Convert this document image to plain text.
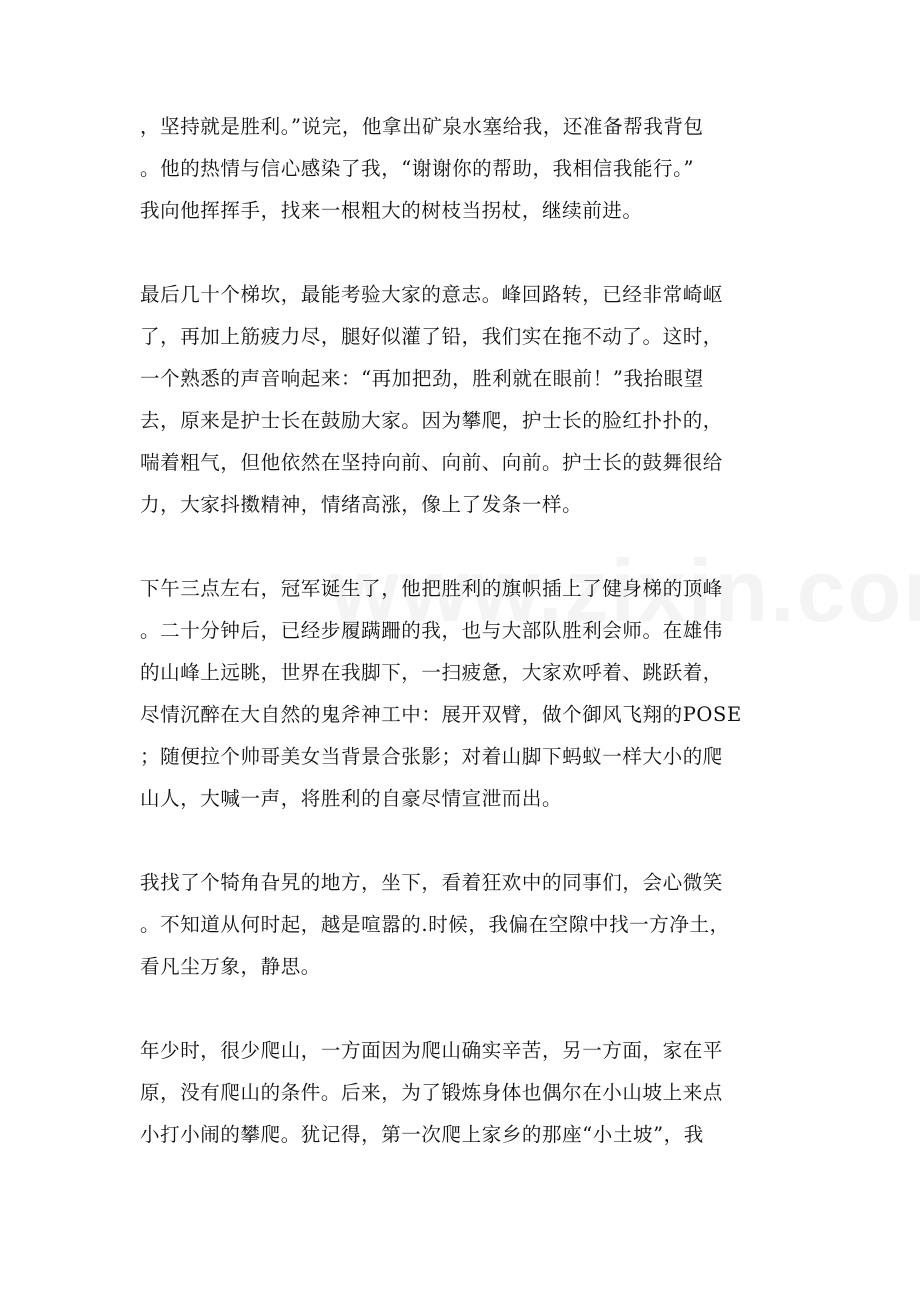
，坚持就是胜利。”说完，他拿出矿泉水塞给我，还准备帮我背包
。他的热情与信心感染了我，“谢谢你的帮助，我相信我能行。”
我向他挥挥手，找来一根粗大的树枝当拐杖，继续前进。
最后几十个梯坎，最能考验大家的意志。峰回路转，已经非常崎岖
了，再加上筋疲力尽，腿好似灌了铅，我们实在拖不动了。这时，
一个熟悉的声音响起来：“再加把劲，胜利就在眼前！”我抬眼望
去，原来是护士长在鼓励大家。因为攀爬，护士长的脸红扑扑的，
喘着粗气，但他依然在坚持向前、向前、向前。护士长的鼓舞很给
力，大家抖擞精神，情绪高涨，像上了发条一样。
下午三点左右，冠军诞生了，他把胜利的旗帜插上了健身梯的顶峰
。二十分钟后，已经步履蹒跚的我，也与大部队胜利会师。在雄伟
的山峰上远眺，世界在我脚下，一扫疲惫，大家欢呼着、跳跃着，
尽情沉醉在大自然的鬼斧神工中：展开双臂，做个御风飞翔的POSE
；随便拉个帅哥美女当背景合张影；对着山脚下蚂蚁一样大小的爬
山人，大喊一声，将胜利的自豪尽情宣泄而出。
我找了个犄角旮旯的地方，坐下，看着狂欢中的同事们，会心微笑
。不知道从何时起，越是喧嚣的.时候，我偏在空隙中找一方净土，
看凡尘万象，静思。
年少时，很少爬山，一方面因为爬山确实辛苦，另一方面，家在平
原，没有爬山的条件。后来，为了锻炼身体也偶尔在小山坡上来点
小打小闹的攀爬。犹记得，第一次爬上家乡的那座“小土坡”，我
